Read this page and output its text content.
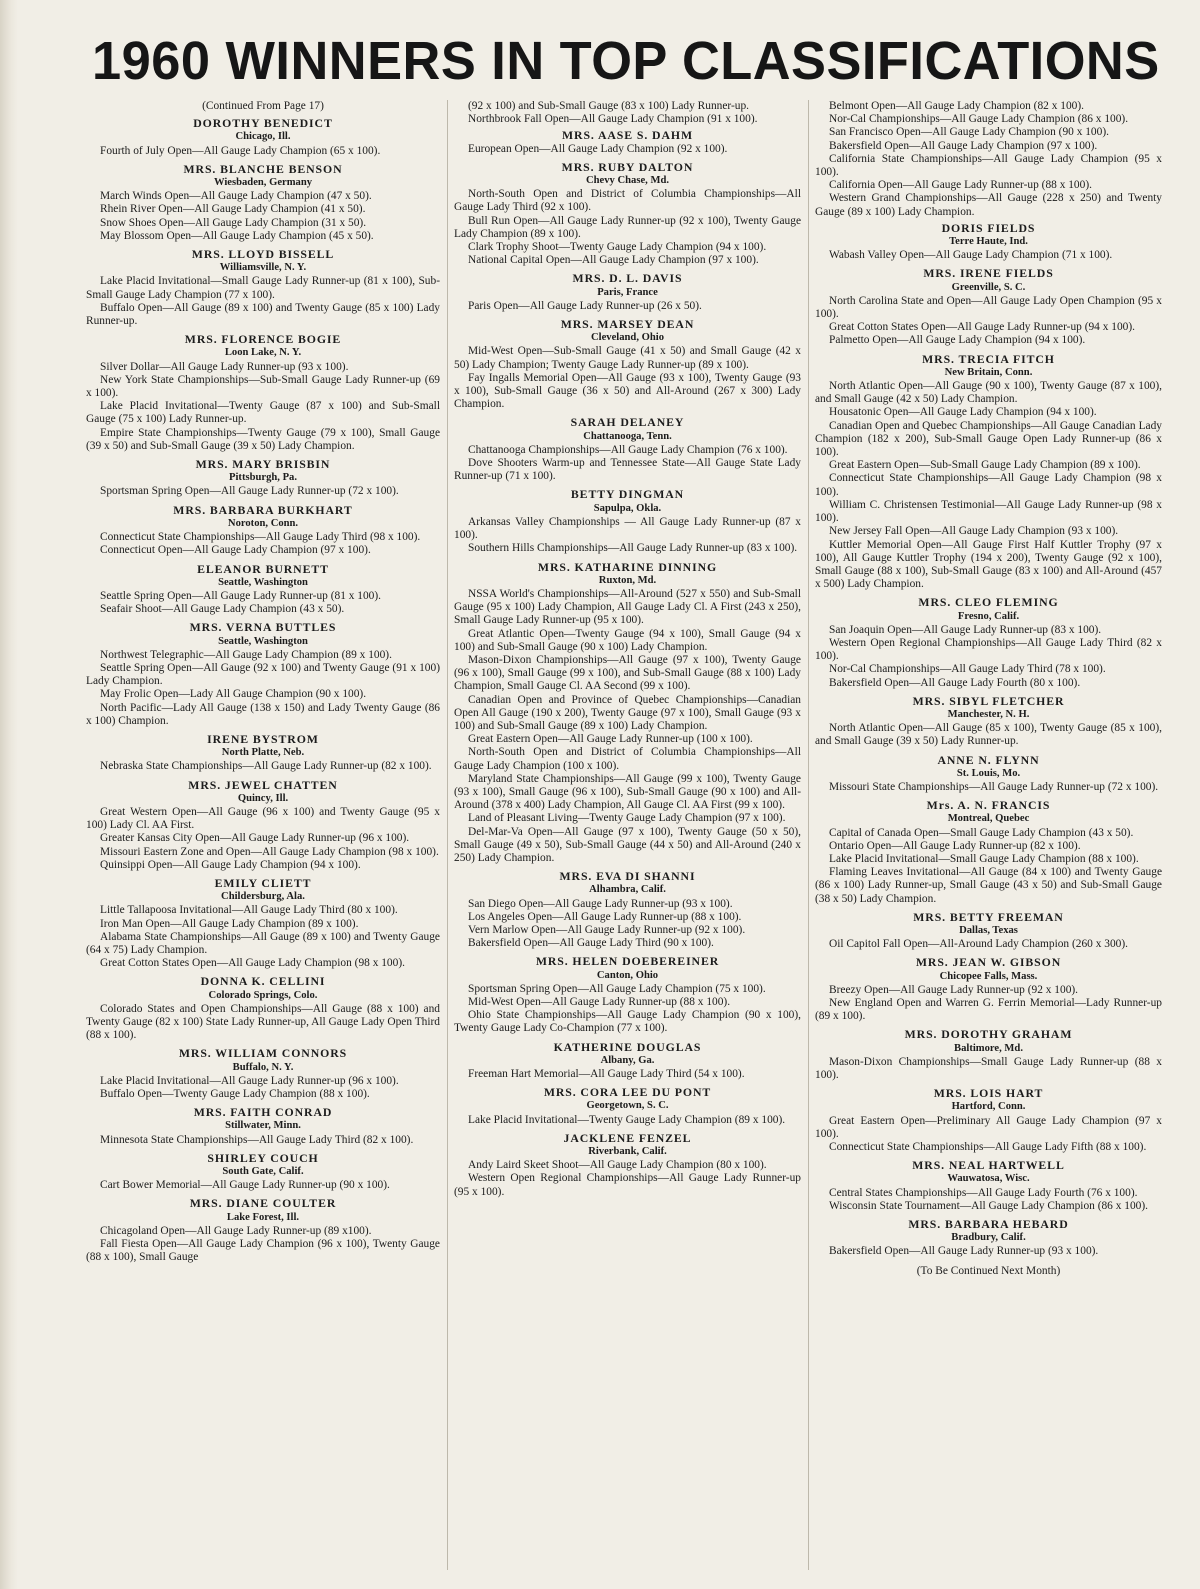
1960 WINNERS IN TOP CLASSIFICATIONS

(Continued From Page 17)

DOROTHY BENEDICT
Chicago, Ill.

Fourth of July Open—All Gauge Lady Champion (65 x 100).

MRS. BLANCHE BENSON
Wiesbaden, Germany

March Winds Open—All Gauge Lady Champion (47 x 50).

Rhein River Open—All Gauge Lady Champion (41 x 50).

Snow Shoes Open—All Gauge Lady Champion (31 x 50).

May Blossom Open—All Gauge Lady Champion (45 x 50).

MRS. LLOYD BISSELL
Williamsville, N. Y.

Lake Placid Invitational—Small Gauge Lady Runner-up (81 x 100), Sub-Small Gauge Lady Champion (77 x 100).

Buffalo Open—All Gauge (89 x 100) and Twenty Gauge (85 x 100) Lady Runner-up.

MRS. FLORENCE BOGIE
Loon Lake, N. Y.

Silver Dollar—All Gauge Lady Runner-up (93 x 100).

New York State Championships—Sub-Small Gauge Lady Runner-up (69 x 100).

Lake Placid Invitational—Twenty Gauge (87 x 100) and Sub-Small Gauge (75 x 100) Lady Runner-up.

Empire State Championships—Twenty Gauge (79 x 100), Small Gauge (39 x 50) and Sub-Small Gauge (39 x 50) Lady Champion.

MRS. MARY BRISBIN
Pittsburgh, Pa.

Sportsman Spring Open—All Gauge Lady Runner-up (72 x 100).

MRS. BARBARA BURKHART
Noroton, Conn.

Connecticut State Championships—All Gauge Lady Third (98 x 100).

Connecticut Open—All Gauge Lady Champion (97 x 100).

ELEANOR BURNETT
Seattle, Washington

Seattle Spring Open—All Gauge Lady Runner-up (81 x 100).

Seafair Shoot—All Gauge Lady Champion (43 x 50).

MRS. VERNA BUTTLES
Seattle, Washington

Northwest Telegraphic—All Gauge Lady Champion (89 x 100).

Seattle Spring Open—All Gauge (92 x 100) and Twenty Gauge (91 x 100) Lady Champion.

May Frolic Open—Lady All Gauge Champion (90 x 100).

North Pacific—Lady All Gauge (138 x 150) and Lady Twenty Gauge (86 x 100) Champion.

IRENE BYSTROM
North Platte, Neb.

Nebraska State Championships—All Gauge Lady Runner-up (82 x 100).

MRS. JEWEL CHATTEN
Quincy, Ill.

Great Western Open—All Gauge (96 x 100) and Twenty Gauge (95 x 100) Lady Cl. AA First.

Greater Kansas City Open—All Gauge Lady Runner-up (96 x 100).

Missouri Eastern Zone and Open—All Gauge Lady Champion (98 x 100).

Quinsippi Open—All Gauge Lady Champion (94 x 100).

EMILY CLIETT
Childersburg, Ala.

Little Tallapoosa Invitational—All Gauge Lady Third (80 x 100).

Iron Man Open—All Gauge Lady Champion (89 x 100).

Alabama State Championships—All Gauge (89 x 100) and Twenty Gauge (64 x 75) Lady Champion.

Great Cotton States Open—All Gauge Lady Champion (98 x 100).

DONNA K. CELLINI
Colorado Springs, Colo.

Colorado States and Open Championships—All Gauge (88 x 100) and Twenty Gauge (82 x 100) State Lady Runner-up, All Gauge Lady Open Third (88 x 100).

MRS. WILLIAM CONNORS
Buffalo, N. Y.

Lake Placid Invitational—All Gauge Lady Runner-up (96 x 100).

Buffalo Open—Twenty Gauge Lady Champion (88 x 100).

MRS. FAITH CONRAD
Stillwater, Minn.

Minnesota State Championships—All Gauge Lady Third (82 x 100).

SHIRLEY COUCH
South Gate, Calif.

Cart Bower Memorial—All Gauge Lady Runner-up (90 x 100).

MRS. DIANE COULTER
Lake Forest, Ill.

Chicagoland Open—All Gauge Lady Runner-up (89 x100).

Fall Fiesta Open—All Gauge Lady Champion (96 x 100), Twenty Gauge (88 x 100), Small Gauge

(92 x 100) and Sub-Small Gauge (83 x 100) Lady Runner-up.

Northbrook Fall Open—All Gauge Lady Champion (91 x 100).

MRS. AASE S. DAHM

European Open—All Gauge Lady Champion (92 x 100).

MRS. RUBY DALTON
Chevy Chase, Md.

North-South Open and District of Columbia Championships—All Gauge Lady Third (92 x 100).

Bull Run Open—All Gauge Lady Runner-up (92 x 100), Twenty Gauge Lady Champion (89 x 100).

Clark Trophy Shoot—Twenty Gauge Lady Champion (94 x 100).

National Capital Open—All Gauge Lady Champion (97 x 100).

MRS. D. L. DAVIS
Paris, France

Paris Open—All Gauge Lady Runner-up (26 x 50).

MRS. MARSEY DEAN
Cleveland, Ohio

Mid-West Open—Sub-Small Gauge (41 x 50) and Small Gauge (42 x 50) Lady Champion; Twenty Gauge Lady Runner-up (89 x 100).

Fay Ingalls Memorial Open—All Gauge (93 x 100), Twenty Gauge (93 x 100), Sub-Small Gauge (36 x 50) and All-Around (267 x 300) Lady Champion.

SARAH DELANEY
Chattanooga, Tenn.

Chattanooga Championships—All Gauge Lady Champion (76 x 100).

Dove Shooters Warm-up and Tennessee State—All Gauge State Lady Runner-up (71 x 100).

BETTY DINGMAN
Sapulpa, Okla.

Arkansas Valley Championships — All Gauge Lady Runner-up (87 x 100).

Southern Hills Championships—All Gauge Lady Runner-up (83 x 100).

MRS. KATHARINE DINNING
Ruxton, Md.

NSSA World's Championships—All-Around (527 x 550) and Sub-Small Gauge (95 x 100) Lady Champion, All Gauge Lady Cl. A First (243 x 250), Small Gauge Lady Runner-up (95 x 100).

Great Atlantic Open—Twenty Gauge (94 x 100), Small Gauge (94 x 100) and Sub-Small Gauge (90 x 100) Lady Champion.

Mason-Dixon Championships—All Gauge (97 x 100), Twenty Gauge (96 x 100), Small Gauge (99 x 100), and Sub-Small Gauge (88 x 100) Lady Champion, Small Gauge Cl. AA Second (99 x 100).

Canadian Open and Province of Quebec Championships—Canadian Open All Gauge (190 x 200), Twenty Gauge (97 x 100), Small Gauge (93 x 100) and Sub-Small Gauge (89 x 100) Lady Champion.

Great Eastern Open—All Gauge Lady Runner-up (100 x 100).

North-South Open and District of Columbia Championships—All Gauge Lady Champion (100 x 100).

Maryland State Championships—All Gauge (99 x 100), Twenty Gauge (93 x 100), Small Gauge (96 x 100), Sub-Small Gauge (90 x 100) and All-Around (378 x 400) Lady Champion, All Gauge Cl. AA First (99 x 100).

Land of Pleasant Living—Twenty Gauge Lady Champion (97 x 100).

Del-Mar-Va Open—All Gauge (97 x 100), Twenty Gauge (50 x 50), Small Gauge (49 x 50), Sub-Small Gauge (44 x 50) and All-Around (240 x 250) Lady Champion.

MRS. EVA DI SHANNI
Alhambra, Calif.

San Diego Open—All Gauge Lady Runner-up (93 x 100).

Los Angeles Open—All Gauge Lady Runner-up (88 x 100).

Vern Marlow Open—All Gauge Lady Runner-up (92 x 100).

Bakersfield Open—All Gauge Lady Third (90 x 100).

MRS. HELEN DOEBEREINER
Canton, Ohio

Sportsman Spring Open—All Gauge Lady Champion (75 x 100).

Mid-West Open—All Gauge Lady Runner-up (88 x 100).

Ohio State Championships—All Gauge Lady Champion (90 x 100), Twenty Gauge Lady Co-Champion (77 x 100).

KATHERINE DOUGLAS
Albany, Ga.

Freeman Hart Memorial—All Gauge Lady Third (54 x 100).

MRS. CORA LEE DU PONT
Georgetown, S. C.

Lake Placid Invitational—Twenty Gauge Lady Champion (89 x 100).

JACKLENE FENZEL
Riverbank, Calif.

Andy Laird Skeet Shoot—All Gauge Lady Champion (80 x 100).

Western Open Regional Championships—All Gauge Lady Runner-up (95 x 100).

Belmont Open—All Gauge Lady Champion (82 x 100).

Nor-Cal Championships—All Gauge Lady Champion (86 x 100).

San Francisco Open—All Gauge Lady Champion (90 x 100).

Bakersfield Open—All Gauge Lady Champion (97 x 100).

California State Championships—All Gauge Lady Champion (95 x 100).

California Open—All Gauge Lady Runner-up (88 x 100).

Western Grand Championships—All Gauge (228 x 250) and Twenty Gauge (89 x 100) Lady Champion.

DORIS FIELDS
Terre Haute, Ind.

Wabash Valley Open—All Gauge Lady Champion (71 x 100).

MRS. IRENE FIELDS
Greenville, S. C.

North Carolina State and Open—All Gauge Lady Open Champion (95 x 100).

Great Cotton States Open—All Gauge Lady Runner-up (94 x 100).

Palmetto Open—All Gauge Lady Champion (94 x 100).

MRS. TRECIA FITCH
New Britain, Conn.

North Atlantic Open—All Gauge (90 x 100), Twenty Gauge (87 x 100), and Small Gauge (42 x 50) Lady Champion.

Housatonic Open—All Gauge Lady Champion (94 x 100).

Canadian Open and Quebec Championships—All Gauge Canadian Lady Champion (182 x 200), Sub-Small Gauge Open Lady Runner-up (86 x 100).

Great Eastern Open—Sub-Small Gauge Lady Champion (89 x 100).

Connecticut State Championships—All Gauge Lady Champion (98 x 100).

William C. Christensen Testimonial—All Gauge Lady Runner-up (98 x 100).

New Jersey Fall Open—All Gauge Lady Champion (93 x 100).

Kuttler Memorial Open—All Gauge First Half Kuttler Trophy (97 x 100), All Gauge Kuttler Trophy (194 x 200), Twenty Gauge (92 x 100), Small Gauge (88 x 100), Sub-Small Gauge (83 x 100) and All-Around (457 x 500) Lady Champion.

MRS. CLEO FLEMING
Fresno, Calif.

San Joaquin Open—All Gauge Lady Runner-up (83 x 100).

Western Open Regional Championships—All Gauge Lady Third (82 x 100).

Nor-Cal Championships—All Gauge Lady Third (78 x 100).

Bakersfield Open—All Gauge Lady Fourth (80 x 100).

MRS. SIBYL FLETCHER
Manchester, N. H.

North Atlantic Open—All Gauge (85 x 100), Twenty Gauge (85 x 100), and Small Gauge (39 x 50) Lady Runner-up.

ANNE N. FLYNN
St. Louis, Mo.

Missouri State Championships—All Gauge Lady Runner-up (72 x 100).

Mrs. A. N. FRANCIS
Montreal, Quebec

Capital of Canada Open—Small Gauge Lady Champion (43 x 50).

Ontario Open—All Gauge Lady Runner-up (82 x 100).

Lake Placid Invitational—Small Gauge Lady Champion (88 x 100).

Flaming Leaves Invitational—All Gauge (84 x 100) and Twenty Gauge (86 x 100) Lady Runner-up, Small Gauge (43 x 50) and Sub-Small Gauge (38 x 50) Lady Champion.

MRS. BETTY FREEMAN
Dallas, Texas

Oil Capitol Fall Open—All-Around Lady Champion (260 x 300).

MRS. JEAN W. GIBSON
Chicopee Falls, Mass.

Breezy Open—All Gauge Lady Runner-up (92 x 100).

New England Open and Warren G. Ferrin Memorial—Lady Runner-up (89 x 100).

MRS. DOROTHY GRAHAM
Baltimore, Md.

Mason-Dixon Championships—Small Gauge Lady Runner-up (88 x 100).

MRS. LOIS HART
Hartford, Conn.

Great Eastern Open—Preliminary All Gauge Lady Champion (97 x 100).

Connecticut State Championships—All Gauge Lady Fifth (88 x 100).

MRS. NEAL HARTWELL
Wauwatosa, Wisc.

Central States Championships—All Gauge Lady Fourth (76 x 100).

Wisconsin State Tournament—All Gauge Lady Champion (86 x 100).

MRS. BARBARA HEBARD
Bradbury, Calif.

Bakersfield Open—All Gauge Lady Runner-up (93 x 100).

(To Be Continued Next Month)
